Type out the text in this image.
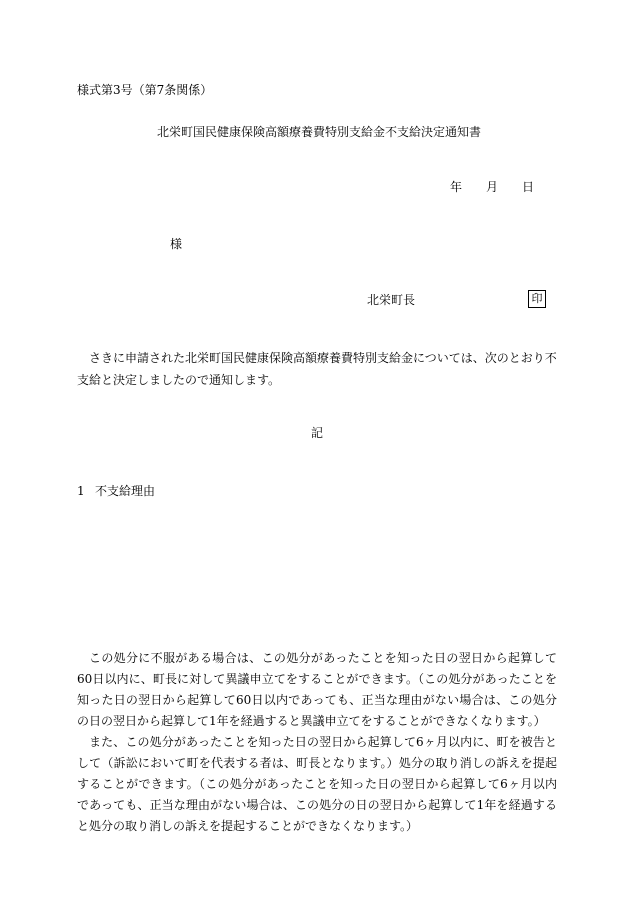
様式第3号（第7条関係）
北栄町国民健康保険高額療養費特別支給金不支給決定通知書
年 月 日
様
北栄町長	印
さきに申請された北栄町国民健康保険高額療養費特別支給金については、次のとおり不支給と決定しましたので通知します。
記
1 不支給理由

この処分に不服がある場合は、この処分があったことを知った日の翌日から起算して60日以内に、町長に対して異議申立てをすることができます。（この処分があったことを知った日の翌日から起算して60日以内であっても、正当な理由がない場合は、この処分の日の翌日から起算して1年を経過すると異議申立てをすることができなくなります。）

また、この処分があったことを知った日の翌日から起算して6ヶ月以内に、町を被告として（訴訟において町を代表する者は、町長となります。）処分の取り消しの訴えを提起することができます。（この処分があったことを知った日の翌日から起算して6ヶ月以内であっても、正当な理由がない場合は、この処分の日の翌日から起算して1年を経過すると処分の取り消しの訴えを提起することができなくなります。）
